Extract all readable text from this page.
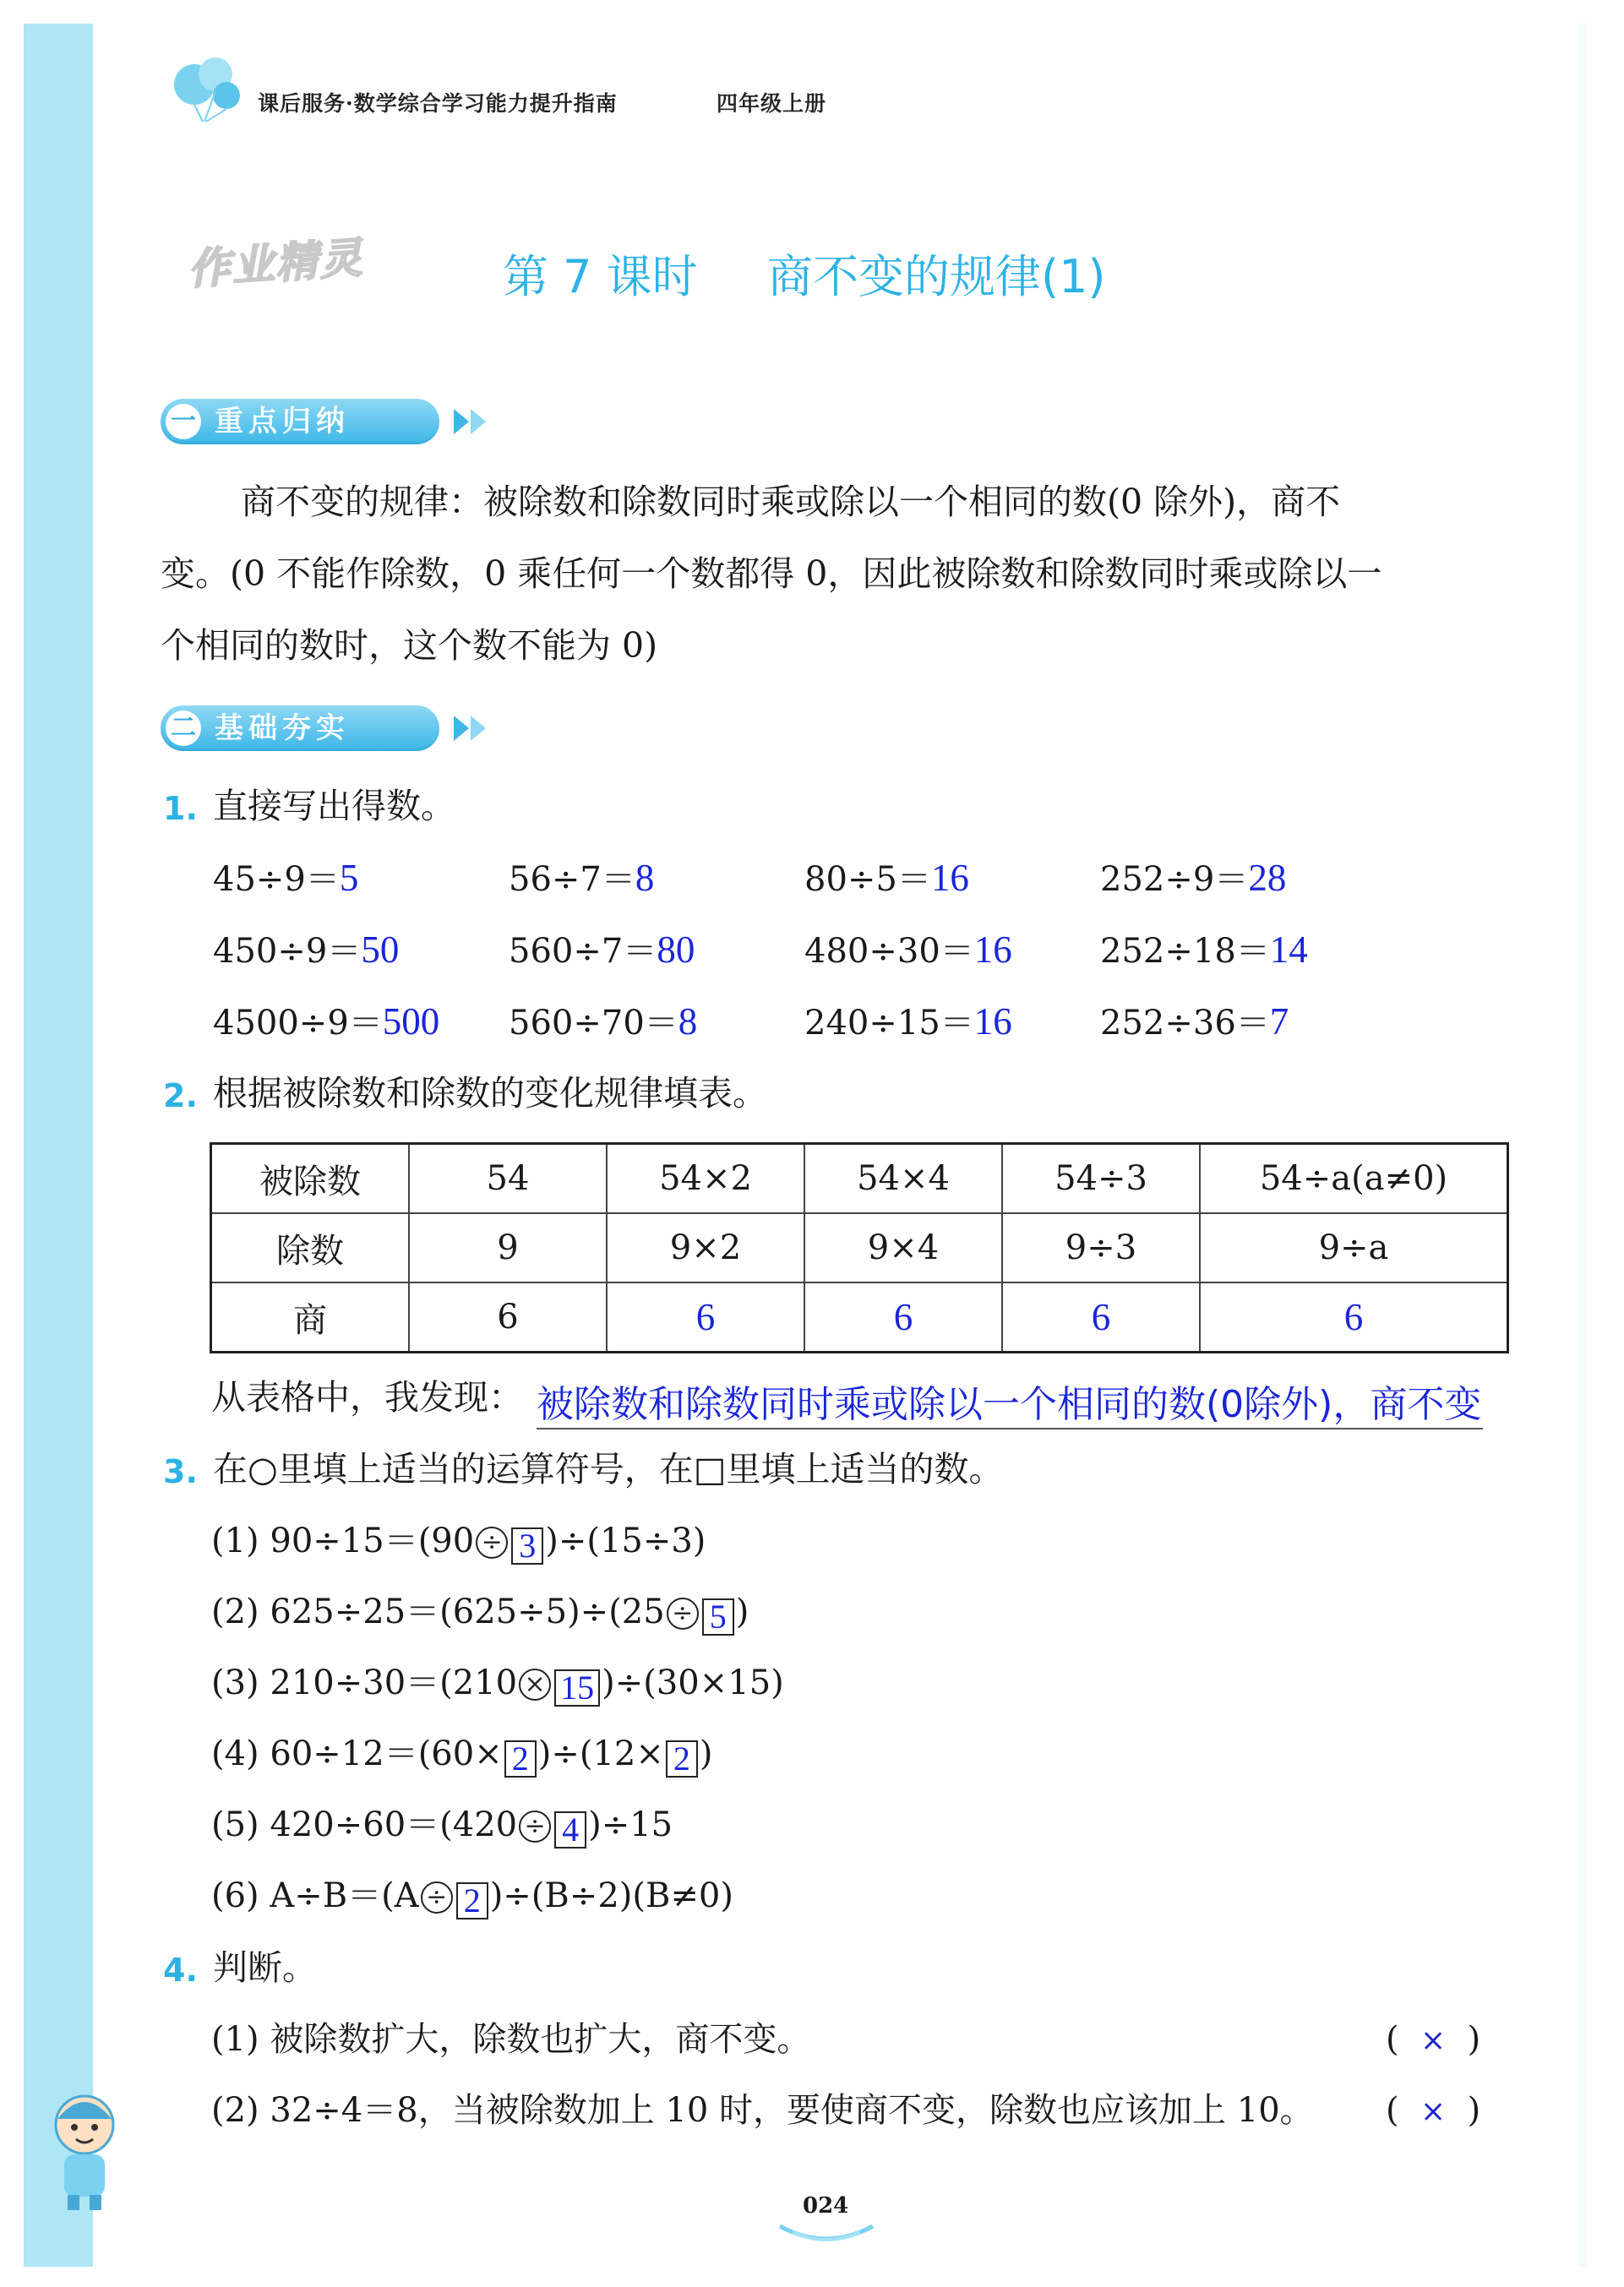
课后服务·数学综合学习能力提升指南	四年级上册
作业精灵	第 7 课时 商不变的规律(1)
一 重点归纳
商不变的规律：被除数和除数同时乘或除以一个相同的数(0 除外)，商不
变。(0 不能作除数，0 乘任何一个数都得 0，因此被除数和除数同时乘或除以一
个相同的数时，这个数不能为 0)
二 基础夯实
1. 直接写出得数。
45÷9＝5	56÷7＝8	80÷5＝16	252÷9＝28
450÷9＝50	560÷7＝80	480÷30＝16	252÷18＝14
4500÷9＝500 560÷70＝8	240÷15＝16	252÷36＝7
2. 根据被除数和除数的变化规律填表。
被除数	54	54×2	54×4	54÷3	54÷a(a≠0)
除数	9	9×2	9×4	9÷3	9÷a
商	6	6	6	6	6
从表格中，我发现： 被除数和除数同时乘或除以一个相同的数(0除外)，商不变
3. 在○里填上适当的运算符号，在□里填上适当的数。
(1) 90÷15＝(90 ÷ 3 )÷(15÷3)
(2) 625÷25＝(625÷5)÷(25 ÷ 5 )
(3) 210÷30＝(210 × 15 )÷(30×15)
(4) 60÷12＝(60× 2 )÷(12× 2 )
(5) 420÷60＝(420 ÷ 4 )÷15
(6) A÷B＝(A ÷ 2 )÷(B÷2)(B≠0)
4. 判断。
(1) 被除数扩大，除数也扩大，商不变。	(  ×  )
(2) 32÷4＝8，当被除数加上 10 时，要使商不变，除数也应该加上 10。 (  ×  )
024
